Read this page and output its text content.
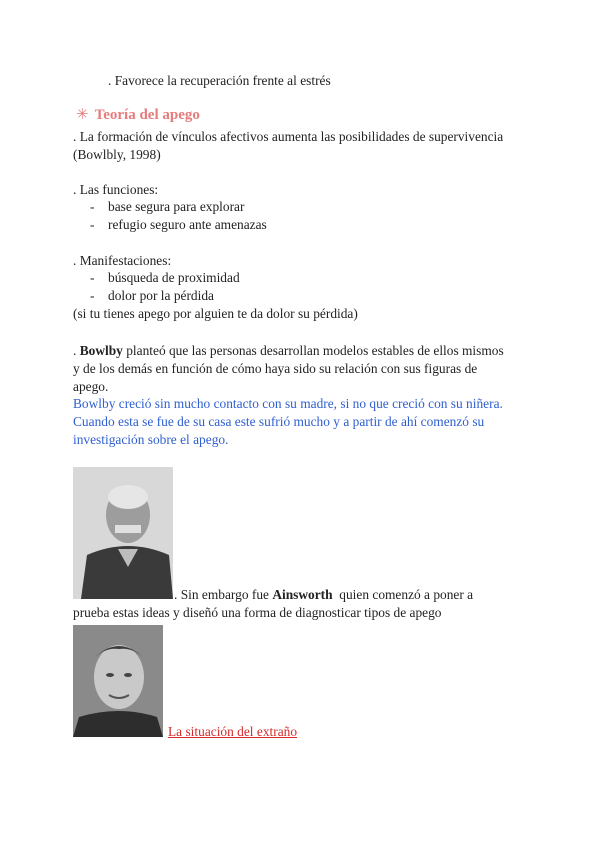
. Favorece la recuperación frente al estrés
✳ Teoría del apego
. La formación de vínculos afectivos aumenta las posibilidades de supervivencia
(Bowlbly, 1998)
. Las funciones:
- base segura para explorar
- refugio seguro ante amenazas
. Manifestaciones:
- búsqueda de proximidad
- dolor por la pérdida
(si tu tienes apego por alguien te da dolor su pérdida)
. Bowlby planteó que las personas desarrollan modelos estables de ellos mismos
y de los demás en función de cómo haya sido su relación con sus figuras de
apego.
Bowlby creció sin mucho contacto con su madre, si no que creció con su niñera.
Cuando esta se fue de su casa este sufrió mucho y a partir de ahí comenzó su
investigación sobre el apego.
. Sin embargo fue Ainsworth  quien comenzó a poner a
prueba estas ideas y diseñó una forma de diagnosticar tipos de apego
La situación del extraño
